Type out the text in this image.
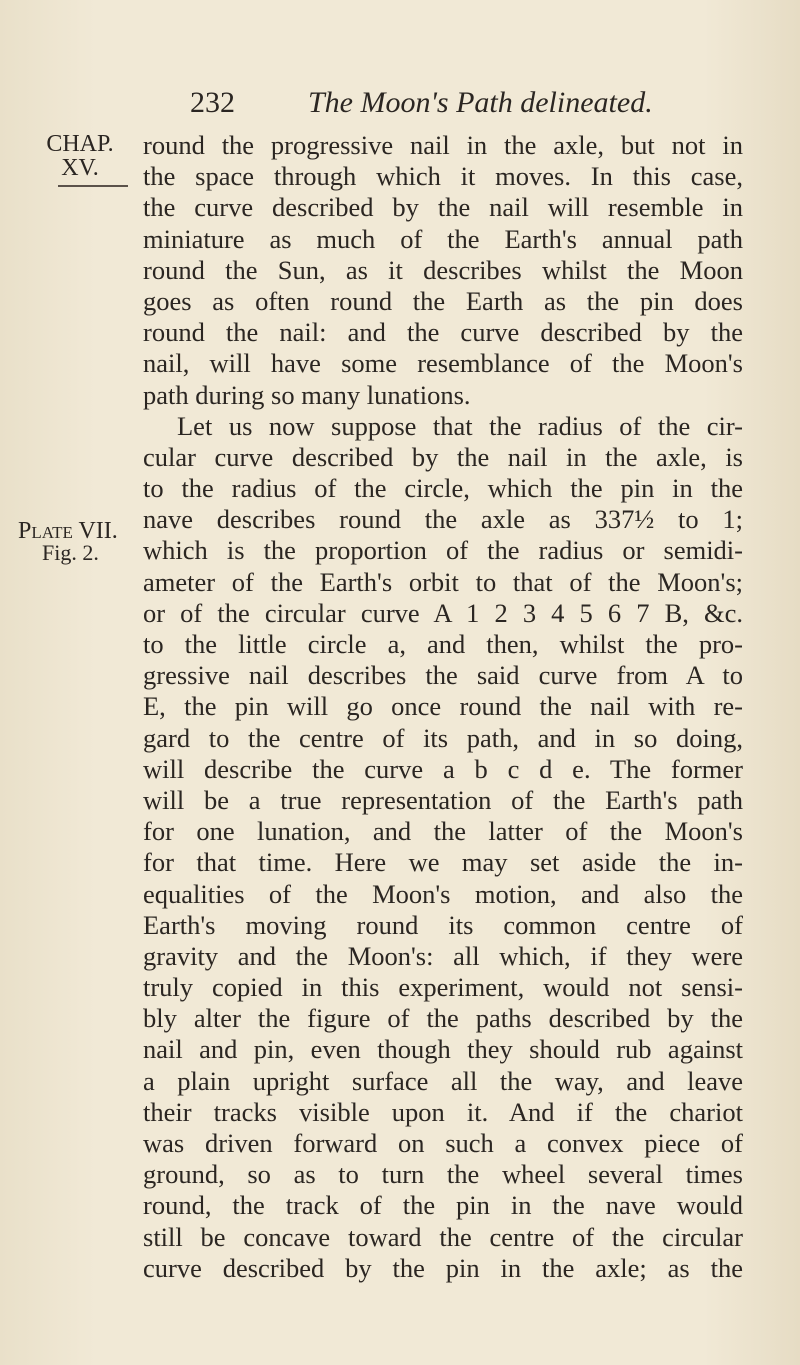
232 The Moon's Path delineated.
CHAP.
XV.
Plate VII.
Fig. 2.
round the progressive nail in the axle, but not in
the space through which it moves. In this case,
the curve described by the nail will resemble in
miniature as much of the Earth's annual path
round the Sun, as it describes whilst the Moon
goes as often round the Earth as the pin does
round the nail: and the curve described by the
nail, will have some resemblance of the Moon's
path during so many lunations.
Let us now suppose that the radius of the cir-
cular curve described by the nail in the axle, is
to the radius of the circle, which the pin in the
nave describes round the axle as 337½ to 1;
which is the proportion of the radius or semidi-
ameter of the Earth's orbit to that of the Moon's;
or of the circular curve A 1 2 3 4 5 6 7 B, &c.
to the little circle a, and then, whilst the pro-
gressive nail describes the said curve from A to
E, the pin will go once round the nail with re-
gard to the centre of its path, and in so doing,
will describe the curve a b c d e. The former
will be a true representation of the Earth's path
for one lunation, and the latter of the Moon's
for that time. Here we may set aside the in-
equalities of the Moon's motion, and also the
Earth's moving round its common centre of
gravity and the Moon's: all which, if they were
truly copied in this experiment, would not sensi-
bly alter the figure of the paths described by the
nail and pin, even though they should rub against
a plain upright surface all the way, and leave
their tracks visible upon it. And if the chariot
was driven forward on such a convex piece of
ground, so as to turn the wheel several times
round, the track of the pin in the nave would
still be concave toward the centre of the circular
curve described by the pin in the axle; as the
